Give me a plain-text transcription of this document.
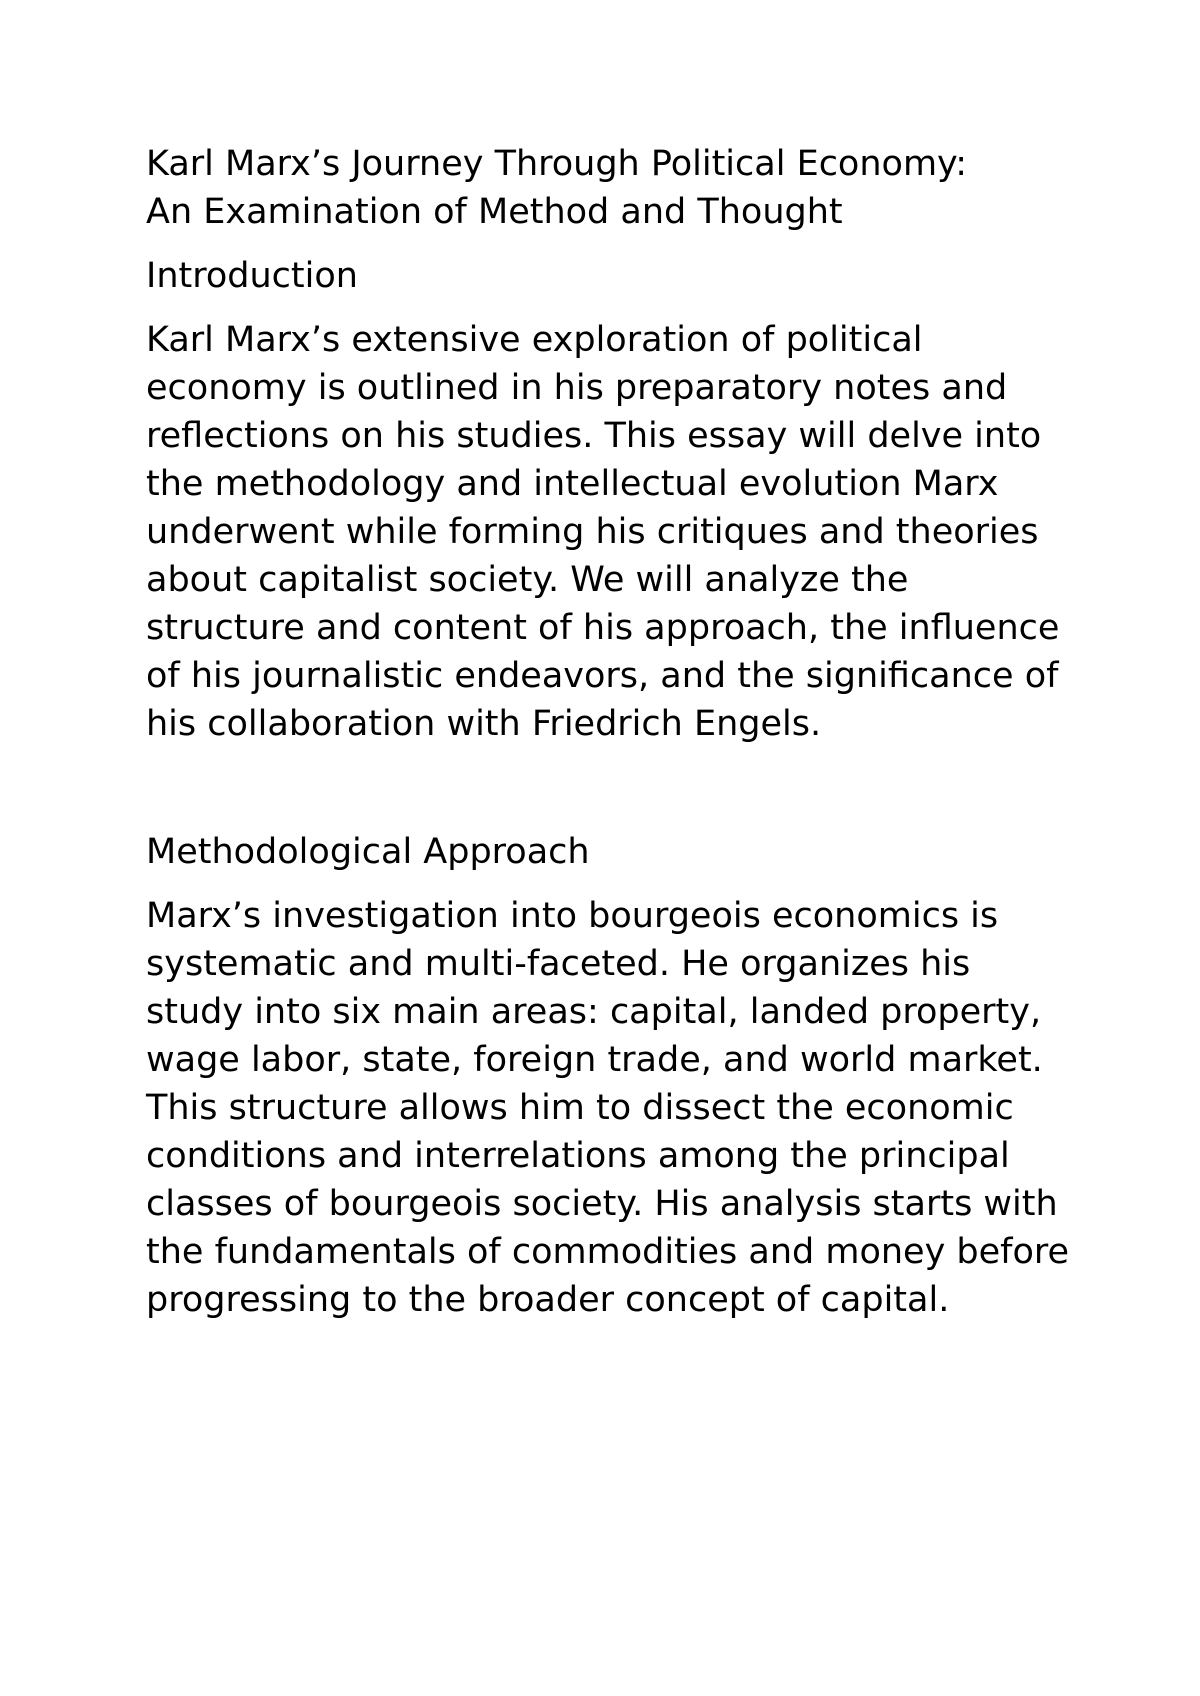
Karl Marx’s Journey Through Political Economy:
An Examination of Method and Thought
Introduction
Karl Marx’s extensive exploration of political economy is outlined in his preparatory notes and reflections on his studies. This essay will delve into the methodology and intellectual evolution Marx underwent while forming his critiques and theories about capitalist society. We will analyze the structure and content of his approach, the influence of his journalistic endeavors, and the significance of his collaboration with Friedrich Engels.
Methodological Approach
Marx’s investigation into bourgeois economics is systematic and multi-faceted. He organizes his study into six main areas: capital, landed property, wage labor, state, foreign trade, and world market. This structure allows him to dissect the economic conditions and interrelations among the principal classes of bourgeois society. His analysis starts with the fundamentals of commodities and money before progressing to the broader concept of capital.
